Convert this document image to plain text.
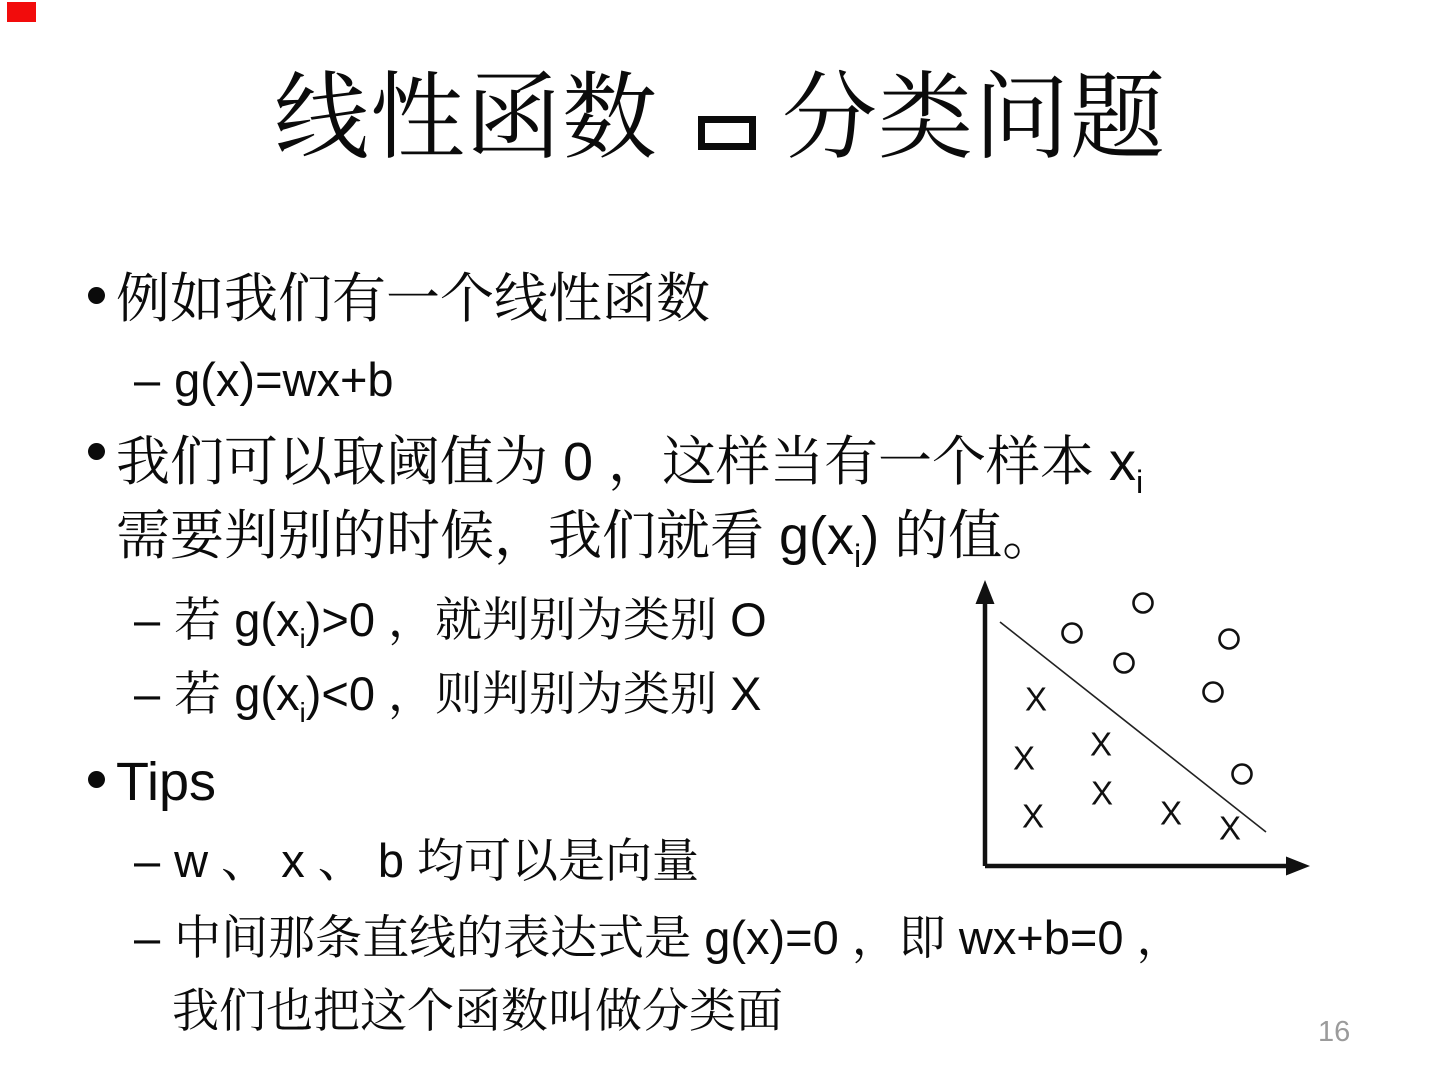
线性函数 分类问题
例如我们有一个线性函数
– g(x)=wx+b
我们可以取阈值为 0 ，这样当有一个样本 $x_i$
需要判别的时候，我们就看 $g(x_i)$ 的值。
– 若 $g(x_i)>0$ ，就判别为类别 O
– 若 $g(x_i)<0$ ，则判别为类别 X
Tips
– w 、 x 、 b 均可以是向量
– 中间那条直线的表达式是 g(x)=0 ，即 wx+b=0 ，
我们也把这个函数叫做分类面
X
X
X
X
X	X X
16
